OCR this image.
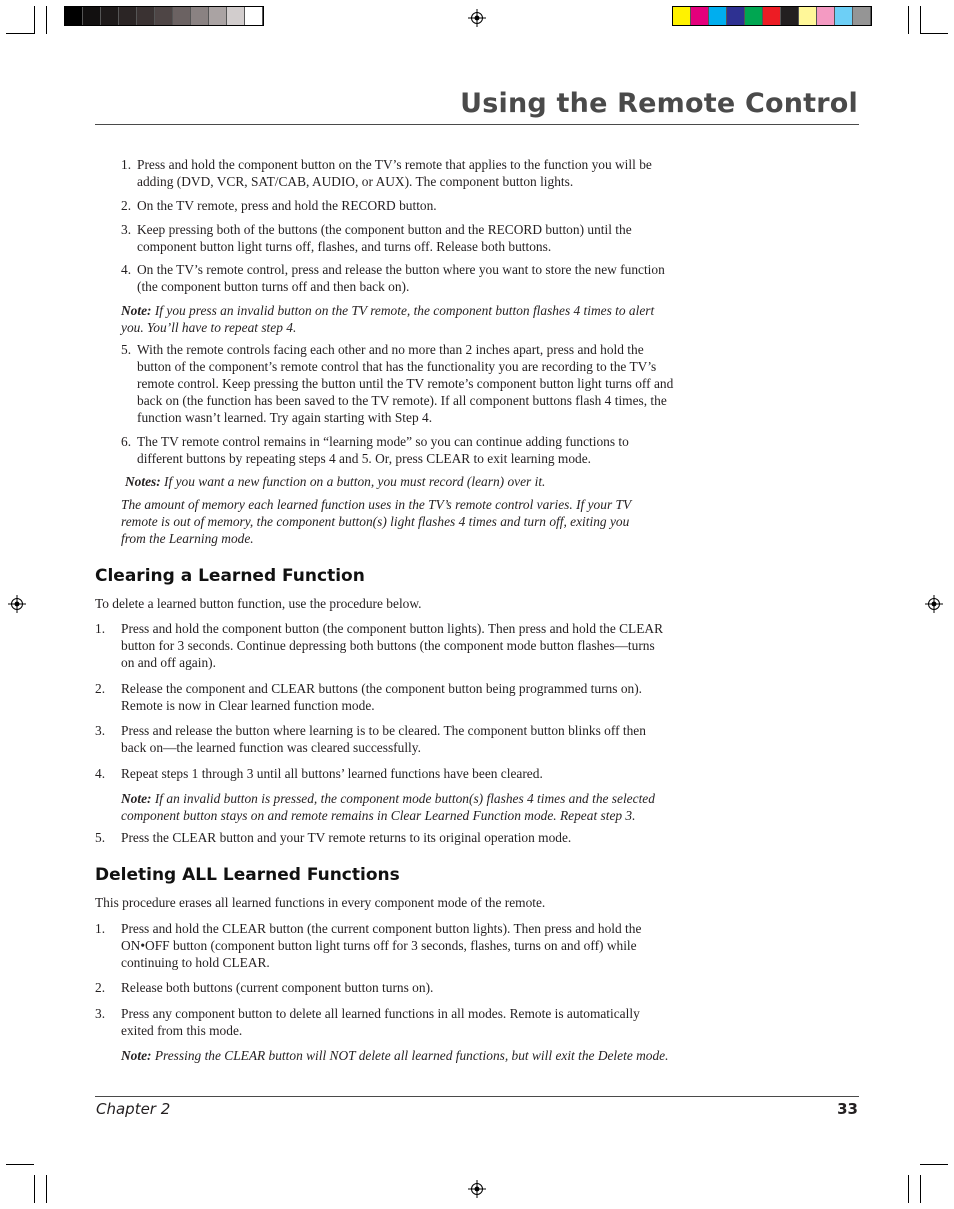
Using the Remote Control
1. Press and hold the component button on the TV’s remote that applies to the function you will be
adding (DVD, VCR, SAT/CAB, AUDIO, or AUX). The component button lights.
2. On the TV remote, press and hold the RECORD button.
3. Keep pressing both of the buttons (the component button and the RECORD button) until the
component button light turns off, flashes, and turns off. Release both buttons.
4. On the TV’s remote control, press and release the button where you want to store the new function
(the component button turns off and then back on).
Note: If you press an invalid button on the TV remote, the component button flashes 4 times to alert
you. You’ll have to repeat step 4.
5. With the remote controls facing each other and no more than 2 inches apart, press and hold the
button of the component’s remote control that has the functionality you are recording to the TV’s
remote control. Keep pressing the button until the TV remote’s component button light turns off and
back on (the function has been saved to the TV remote). If all component buttons flash 4 times, the
function wasn’t learned. Try again starting with Step 4.
6. The TV remote control remains in “learning mode” so you can continue adding functions to
different buttons by repeating steps 4 and 5. Or, press CLEAR to exit learning mode.
Notes: If you want a new function on a button, you must record (learn) over it.
The amount of memory each learned function uses in the TV’s remote control varies. If your TV
remote is out of memory, the component button(s) light flashes 4 times and turn off, exiting you
from the Learning mode.
Clearing a Learned Function
To delete a learned button function, use the procedure below.
1. Press and hold the component button (the component button lights). Then press and hold the CLEAR
button for 3 seconds. Continue depressing both buttons (the component mode button flashes—turns
on and off again).
2. Release the component and CLEAR buttons (the component button being programmed turns on).
Remote is now in Clear learned function mode.
3. Press and release the button where learning is to be cleared. The component button blinks off then
back on—the learned function was cleared successfully.
4. Repeat steps 1 through 3 until all buttons’ learned functions have been cleared.
Note: If an invalid button is pressed, the component mode button(s) flashes 4 times and the selected
component button stays on and remote remains in Clear Learned Function mode. Repeat step 3.
5. Press the CLEAR button and your TV remote returns to its original operation mode.
Deleting ALL Learned Functions
This procedure erases all learned functions in every component mode of the remote.
1. Press and hold the CLEAR button (the current component button lights). Then press and hold the
ON•OFF button (component button light turns off for 3 seconds, flashes, turns on and off) while
continuing to hold CLEAR.
2. Release both buttons (current component button turns on).
3. Press any component button to delete all learned functions in all modes. Remote is automatically
exited from this mode.
Note: Pressing the CLEAR button will NOT delete all learned functions, but will exit the Delete mode.
Chapter 2	33
